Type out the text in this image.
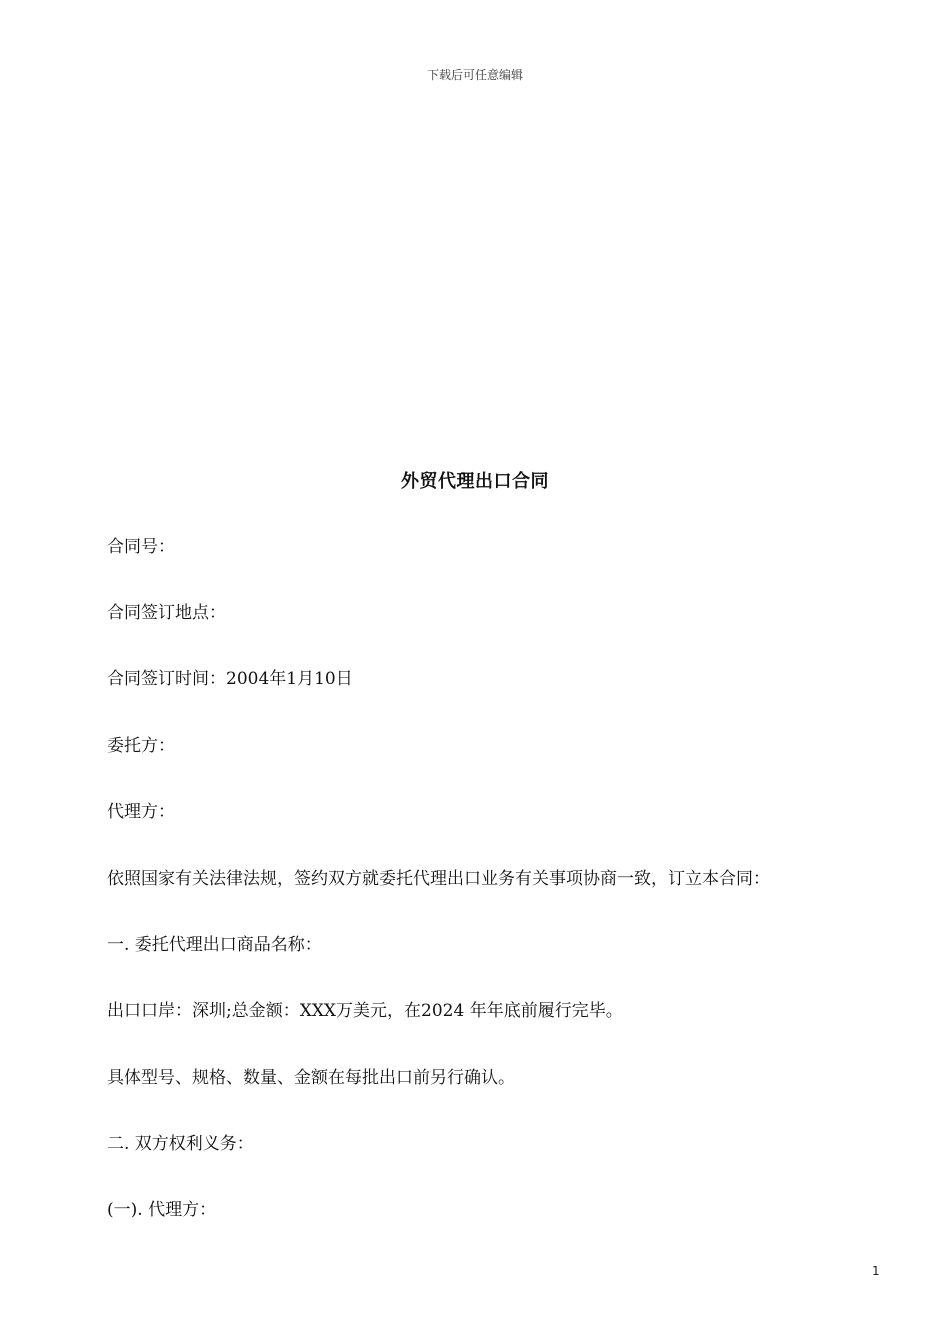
下载后可任意编辑
外贸代理出口合同
合同号：
合同签订地点：
合同签订时间：2004年1月10日
委托方：
代理方：
依照国家有关法律法规，签约双方就委托代理出口业务有关事项协商一致，订立本合同：
一. 委托代理出口商品名称：
出口口岸：深圳;总金额：XXX万美元，在2024 年年底前履行完毕。
具体型号、规格、数量、金额在每批出口前另行确认。
二. 双方权利义务：
(一). 代理方：
1
